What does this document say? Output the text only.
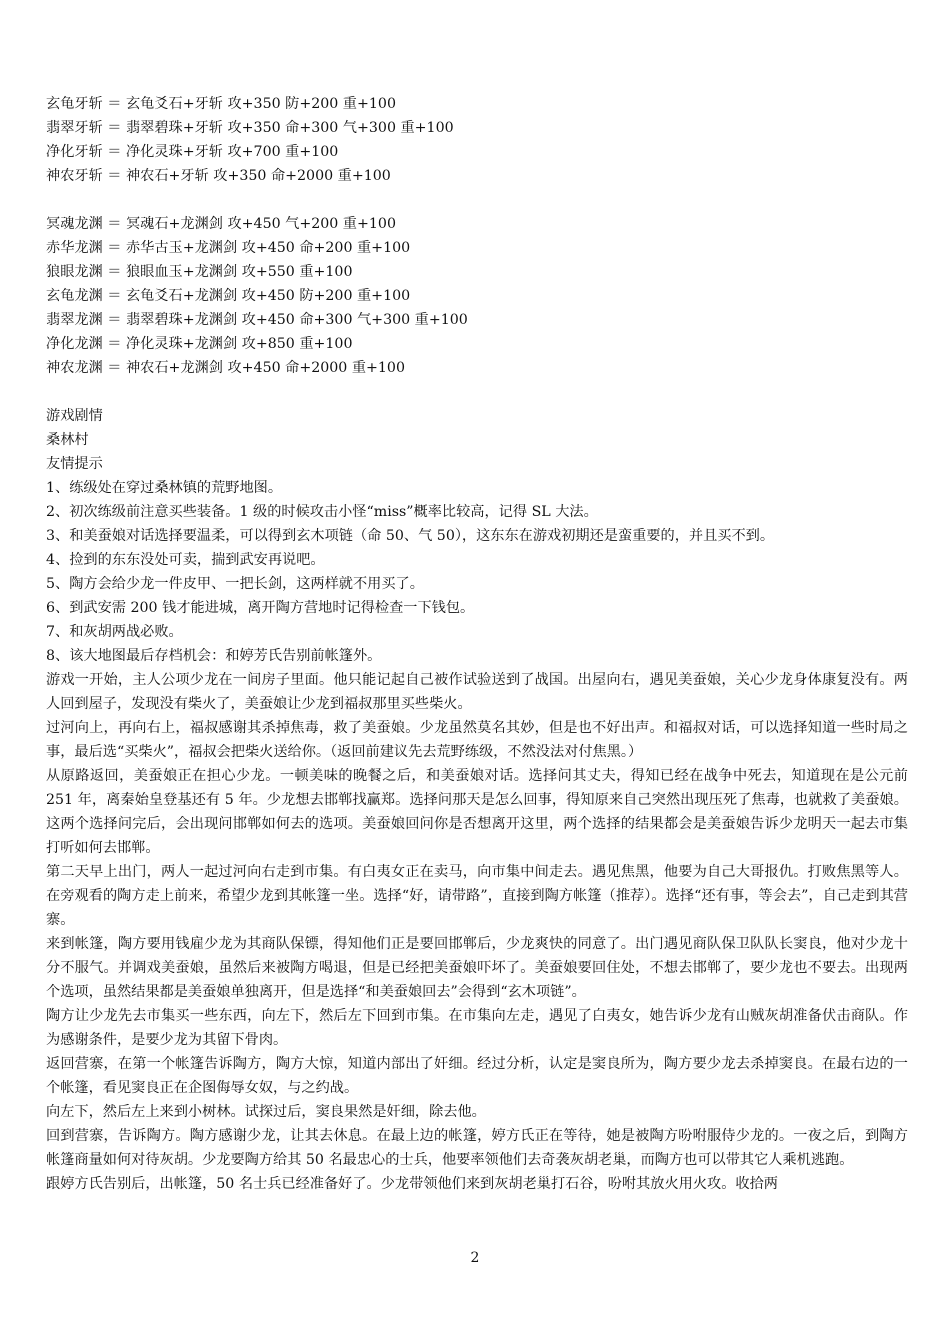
玄龟牙斩 ＝ 玄龟爻石+牙斩 攻+350 防+200 重+100
翡翠牙斩 ＝ 翡翠碧珠+牙斩 攻+350 命+300 气+300 重+100
净化牙斩 ＝ 净化灵珠+牙斩 攻+700 重+100
神农牙斩 ＝ 神农石+牙斩 攻+350 命+2000 重+100
冥魂龙渊 ＝ 冥魂石+龙渊剑 攻+450 气+200 重+100
赤华龙渊 ＝ 赤华古玉+龙渊剑 攻+450 命+200 重+100
狼眼龙渊 ＝ 狼眼血玉+龙渊剑 攻+550 重+100
玄龟龙渊 ＝ 玄龟爻石+龙渊剑 攻+450 防+200 重+100
翡翠龙渊 ＝ 翡翠碧珠+龙渊剑 攻+450 命+300 气+300 重+100
净化龙渊 ＝ 净化灵珠+龙渊剑 攻+850 重+100
神农龙渊 ＝ 神农石+龙渊剑 攻+450 命+2000 重+100
游戏剧情
桑林村
友情提示
1、练级处在穿过桑林镇的荒野地图。
2、初次练级前注意买些装备。1 级的时候攻击小怪“miss”概率比较高，记得 SL 大法。
3、和美蚕娘对话选择要温柔，可以得到玄木项链（命 50、气 50），这东东在游戏初期还是蛮重要的，并且买不到。
4、捡到的东东没处可卖，揣到武安再说吧。
5、陶方会给少龙一件皮甲、一把长剑，这两样就不用买了。
6、到武安需 200 钱才能进城，离开陶方营地时记得检查一下钱包。
7、和灰胡两战必败。
8、该大地图最后存档机会：和婷芳氏告别前帐篷外。

游戏一开始，主人公项少龙在一间房子里面。他只能记起自己被作试验送到了战国。出屋向右，遇见美蚕娘，关心少龙身体康复没有。两人回到屋子，发现没有柴火了，美蚕娘让少龙到福叔那里买些柴火。

过河向上，再向右上，福叔感谢其杀掉焦毒，救了美蚕娘。少龙虽然莫名其妙，但是也不好出声。和福叔对话，可以选择知道一些时局之事，最后选“买柴火”，福叔会把柴火送给你。（返回前建议先去荒野练级，不然没法对付焦黑。）

从原路返回，美蚕娘正在担心少龙。一顿美味的晚餐之后，和美蚕娘对话。选择问其丈夫，得知已经在战争中死去，知道现在是公元前 251 年，离秦始皇登基还有 5 年。少龙想去邯郸找赢郑。选择问那天是怎么回事，得知原来自己突然出现压死了焦毒，也就救了美蚕娘。这两个选择问完后，会出现问邯郸如何去的选项。美蚕娘回问你是否想离开这里，两个选择的结果都会是美蚕娘告诉少龙明天一起去市集打听如何去邯郸。

第二天早上出门，两人一起过河向右走到市集。有白夷女正在卖马，向市集中间走去。遇见焦黑，他要为自己大哥报仇。打败焦黑等人。在旁观看的陶方走上前来，希望少龙到其帐篷一坐。选择“好，请带路”，直接到陶方帐篷（推荐）。选择“还有事，等会去”，自己走到其营寨。

来到帐篷，陶方要用钱雇少龙为其商队保镖，得知他们正是要回邯郸后，少龙爽快的同意了。出门遇见商队保卫队队长窦良，他对少龙十分不服气。并调戏美蚕娘，虽然后来被陶方喝退，但是已经把美蚕娘吓坏了。美蚕娘要回住处，不想去邯郸了，要少龙也不要去。出现两个选项，虽然结果都是美蚕娘单独离开，但是选择“和美蚕娘回去”会得到“玄木项链”。

陶方让少龙先去市集买一些东西，向左下，然后左下回到市集。在市集向左走，遇见了白夷女，她告诉少龙有山贼灰胡准备伏击商队。作为感谢条件，是要少龙为其留下骨肉。

返回营寨，在第一个帐篷告诉陶方，陶方大惊，知道内部出了奸细。经过分析，认定是窦良所为，陶方要少龙去杀掉窦良。在最右边的一个帐篷，看见窦良正在企图侮辱女奴，与之约战。

向左下，然后左上来到小树林。试探过后，窦良果然是奸细，除去他。

回到营寨，告诉陶方。陶方感谢少龙，让其去休息。在最上边的帐篷，婷方氏正在等待，她是被陶方吩咐服侍少龙的。一夜之后，到陶方帐篷商量如何对待灰胡。少龙要陶方给其 50 名最忠心的士兵，他要率领他们去奇袭灰胡老巢，而陶方也可以带其它人乘机逃跑。

跟婷方氏告别后，出帐篷，50 名士兵已经准备好了。少龙带领他们来到灰胡老巢打石谷，吩咐其放火用火攻。收拾两

2
